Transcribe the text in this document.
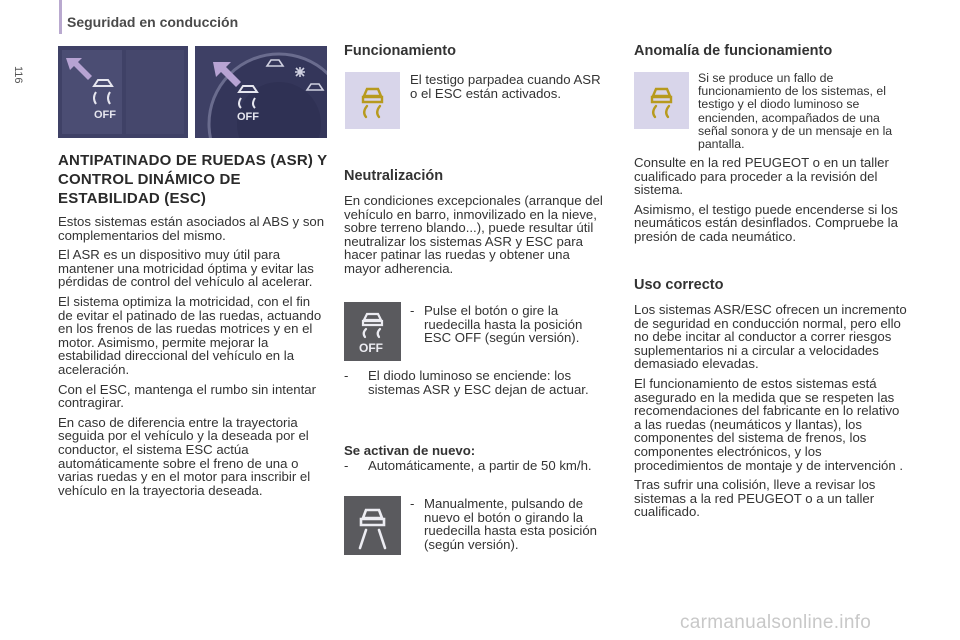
Seguridad en conducción
116
OFF	OFF
ANTIPATINADO DE RUEDAS (ASR) Y CONTROL DINÁMICO DE ESTABILIDAD (ESC)

Estos sistemas están asociados al ABS y son complementarios del mismo.

El ASR es un dispositivo muy útil para mantener una motricidad óptima y evitar las pérdidas de control del vehículo al acelerar.

El sistema optimiza la motricidad, con el fin de evitar el patinado de las ruedas, actuando en los frenos de las ruedas motrices y en el motor. Asimismo, permite mejorar la estabilidad direccional del vehículo en la aceleración.

Con el ESC, mantenga el rumbo sin intentar contragirar.

En caso de diferencia entre la trayectoria seguida por el vehículo y la deseada por el conductor, el sistema ESC actúa automáticamente sobre el freno de una o varias ruedas y en el motor para inscribir el vehículo en la trayectoria deseada.

Funcionamiento
El testigo parpadea cuando ASR o el ESC están activados.
Neutralización
En condiciones excepcionales (arranque del vehículo en barro, inmovilizado en la nieve, sobre terreno blando...), puede resultar útil neutralizar los sistemas ASR y ESC para hacer patinar las ruedas y obtener una mayor adherencia.
OFF
- Pulse el botón o gire la ruedecilla hasta la posición ESC OFF (según versión).
-	El diodo luminoso se enciende: los sistemas ASR y ESC dejan de actuar.
Se activan de nuevo:
-	Automáticamente, a partir de 50 km/h.
- Manualmente, pulsando de nuevo el botón o girando la ruedecilla hasta esta posición (según versión).
Anomalía de funcionamiento
Si se produce un fallo de funcionamiento de los sistemas, el testigo y el diodo luminoso se encienden, acompañados de una señal sonora y de un mensaje en la pantalla.

Consulte en la red PEUGEOT o en un taller cualificado para proceder a la revisión del sistema.

Asimismo, el testigo puede encenderse si los neumáticos están desinflados. Compruebe la presión de cada neumático.

Uso correcto

Los sistemas ASR/ESC ofrecen un incremento de seguridad en conducción normal, pero ello no debe incitar al conductor a correr riesgos suplementarios ni a circular a velocidades demasiado elevadas.

El funcionamiento de estos sistemas está asegurado en la medida que se respeten las recomendaciones del fabricante en lo relativo a las ruedas (neumáticos y llantas), los componentes del sistema de frenos, los componentes electrónicos, y los procedimientos de montaje y de intervención .

Tras sufrir una colisión, lleve a revisar los sistemas a la red PEUGEOT o a un taller cualificado.

carmanualsonline.info
